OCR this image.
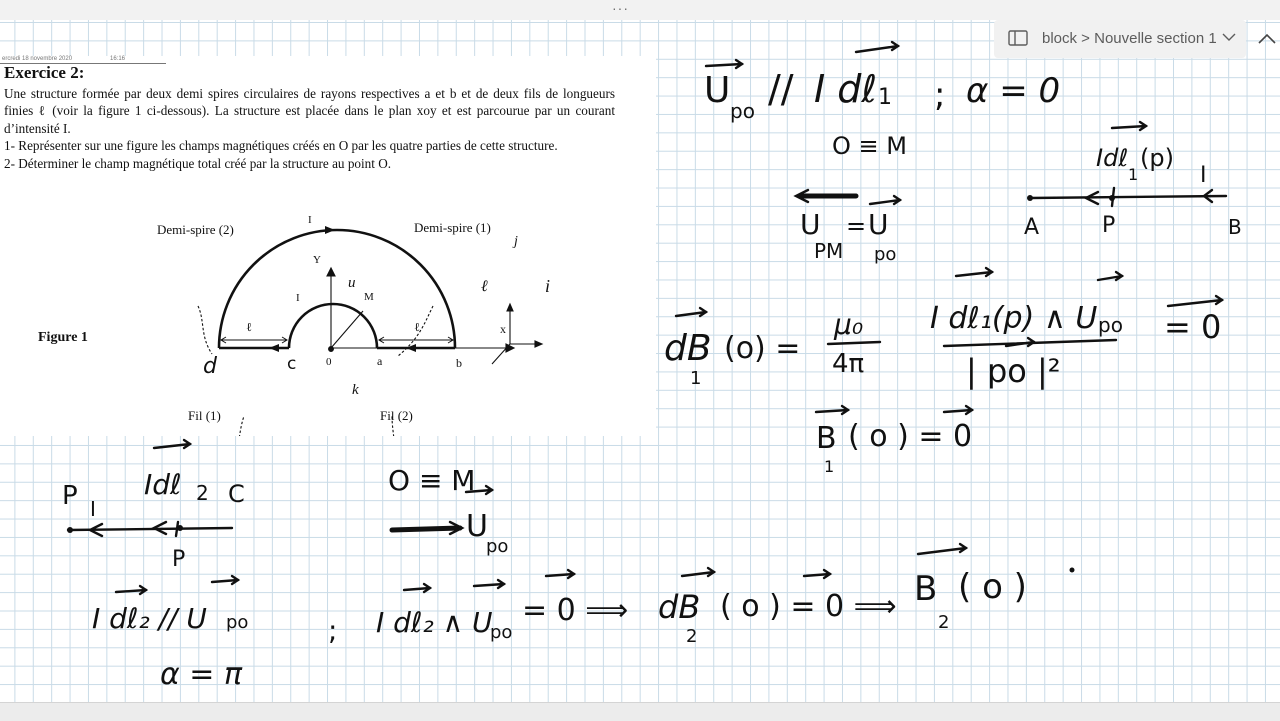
···
block > Nouvelle section 1
ercredi 18 novembre 2020	16:16
Exercice 2:

Une structure formée par deux demi spires circulaires de rayons respectives a et b et de deux fils de longueurs finies ℓ (voir la figure 1 ci-dessous). La structure est placée dans le plan xoy et est parcourue par un courant d’intensité I.

1- Représenter sur une figure les champs magnétiques créés en O par les quatre parties de cette structure.

2- Déterminer le champ magnétique total créé par la structure au point O.

Figure 1
Demi-spire (2)	Demi-spire (1)
Fil (1)	Fil (2)
I
I
Y
x
0	a	b
c
d
M
ℓ	ℓ
j
i
ℓ
u
k
U po // I dℓ 1 ; α = 0
O ≡ M	Idℓ
1
(p)
I
A	P	B
U
PM
= U
po
dB
1
(o) =
μ₀
4π
I dℓ₁(p) ∧ U po
| po |²
= 0
B
1
( o ) = 0
P I
Idℓ 2 C
P
O ≡ M
U
po
I dℓ₂ // U po
α = π
; I dℓ₂ ∧ U
po
= 0 ⟹ dB
2
( o ) = 0 ⟹ B
2
( o )
